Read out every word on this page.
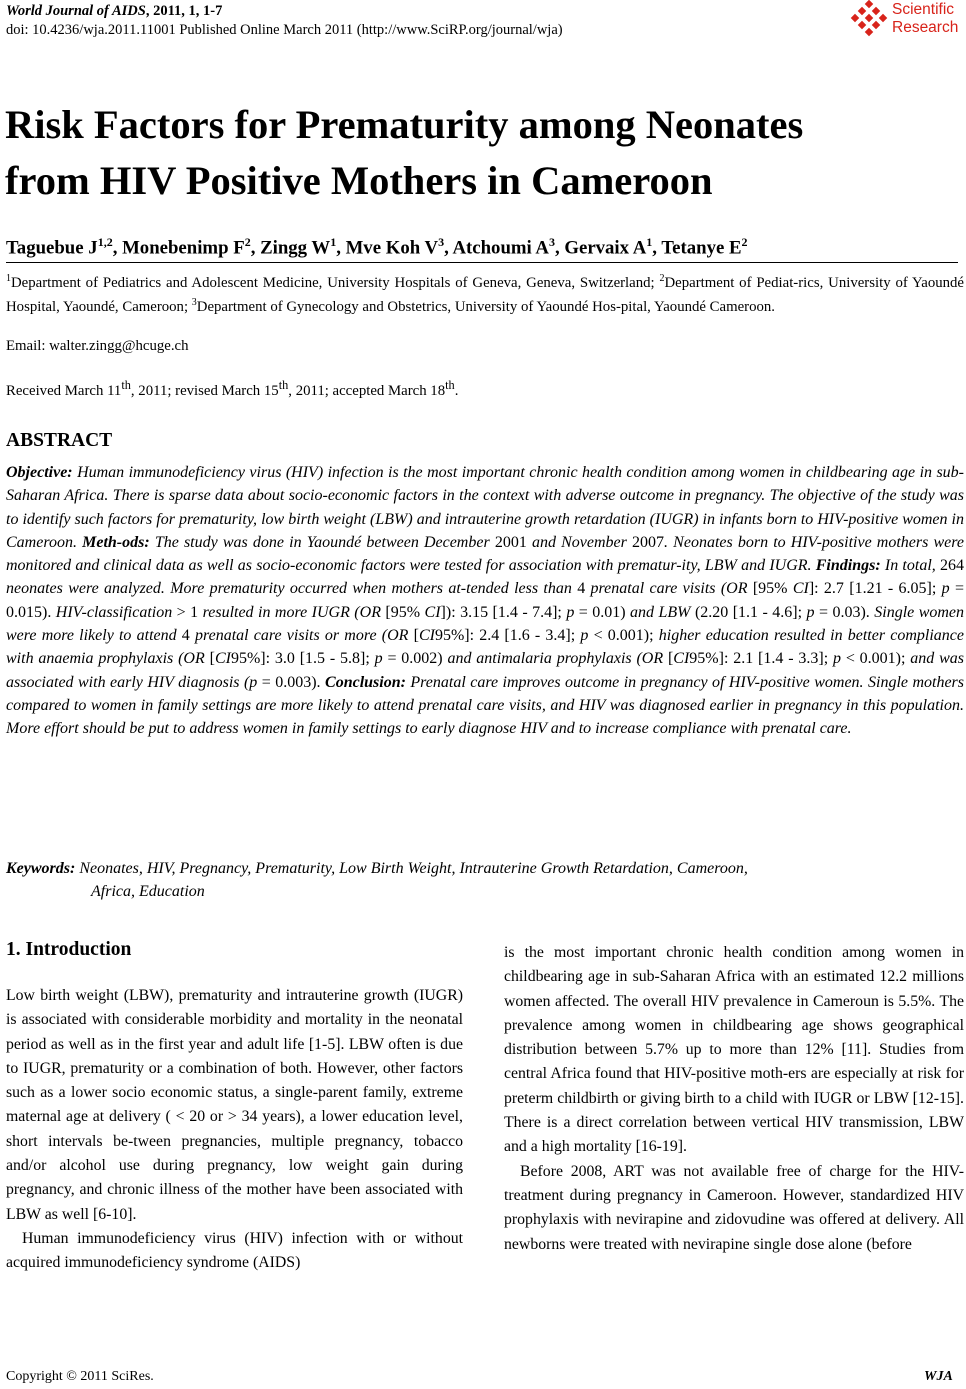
World Journal of AIDS, 2011, 1, 1-7
doi: 10.4236/wja.2011.11001 Published Online March 2011 (http://www.SciRP.org/journal/wja)
Scientific
Research
Risk Factors for Prematurity among Neonates
from HIV Positive Mothers in Cameroon
Taguebue J$^{1,2}$, Monebenimp $F^2$, Zingg $W^1$, Mve Koh $V^3$, Atchoumi $A^3$, Gervaix $A^1$, Tetanye $E^2$
$^1$Department of Pediatrics and Adolescent Medicine, University Hospitals of Geneva, Geneva, Switzerland; $^2$Department of Pediat-rics, University of Yaoundé Hospital, Yaoundé, Cameroon; $^3$Department of Gynecology and Obstetrics, University of Yaoundé Hos-pital, Yaoundé Cameroon.
Email: walter.zingg@hcuge.ch
Received March 11th, 2011; revised March 15th, 2011; accepted March 18th.
ABSTRACT
Objective: Human immunodeficiency virus (HIV) infection is the most important chronic health condition among women in childbearing age in sub-Saharan Africa. There is sparse data about socio-economic factors in the context with adverse outcome in pregnancy. The objective of the study was to identify such factors for prematurity, low birth weight (LBW) and intrauterine growth retardation (IUGR) in infants born to HIV-positive women in Cameroon. Meth-ods: The study was done in Yaoundé between December 2001 and November 2007. Neonates born to HIV-positive mothers were monitored and clinical data as well as socio-economic factors were tested for association with prematur-ity, LBW and IUGR. Findings: In total, 264 neonates were analyzed. More prematurity occurred when mothers at-tended less than 4 prenatal care visits (OR [95% CI]: 2.7 [1.21 - 6.05]; p = 0.015). HIV-classification > 1 resulted in more IUGR (OR [95% CI]): 3.15 [1.4 - 7.4]; p = 0.01) and LBW (2.20 [1.1 - 4.6]; p = 0.03). Single women were more likely to attend 4 prenatal care visits or more (OR [CI95%]: 2.4 [1.6 - 3.4]; p < 0.001); higher education resulted in better compliance with anaemia prophylaxis (OR [CI95%]: 3.0 [1.5 - 5.8]; p = 0.002) and antimalaria prophylaxis (OR [CI95%]: 2.1 [1.4 - 3.3]; p < 0.001); and was associated with early HIV diagnosis (p = 0.003). Conclusion: Prenatal care improves outcome in pregnancy of HIV-positive women. Single mothers compared to women in family settings are more likely to attend prenatal care visits, and HIV was diagnosed earlier in pregnancy in this population. More effort should be put to address women in family settings to early diagnose HIV and to increase compliance with prenatal care.
Keywords: Neonates, HIV, Pregnancy, Prematurity, Low Birth Weight, Intrauterine Growth Retardation, Cameroon,
Africa, Education
1. Introduction

Low birth weight (LBW), prematurity and intrauterine growth (IUGR) is associated with considerable morbidity and mortality in the neonatal period as well as in the first year and adult life [1-5]. LBW often is due to IUGR, prematurity or a combination of both. However, other factors such as a lower socio economic status, a single-parent family, extreme maternal age at delivery ( < 20 or > 34 years), a lower education level, short intervals be-tween pregnancies, multiple pregnancy, tobacco and/or alcohol use during pregnancy, low weight gain during pregnancy, and chronic illness of the mother have been associated with LBW as well [6-10].

Human immunodeficiency virus (HIV) infection with or without acquired immunodeficiency syndrome (AIDS)

is the most important chronic health condition among women in childbearing age in sub-Saharan Africa with an estimated 12.2 millions women affected. The overall HIV prevalence in Cameroun is 5.5%. The prevalence among women in childbearing age shows geographical distribution between 5.7% up to more than 12% [11]. Studies from central Africa found that HIV-positive moth-ers are especially at risk for preterm childbirth or giving birth to a child with IUGR or LBW [12-15]. There is a direct correlation between vertical HIV transmission, LBW and a high mortality [16-19].

Before 2008, ART was not available free of charge for the HIV-treatment during pregnancy in Cameroon. However, standardized HIV prophylaxis with nevirapine and zidovudine was offered at delivery. All newborns were treated with nevirapine single dose alone (before

Copyright © 2011 SciRes.	WJA
